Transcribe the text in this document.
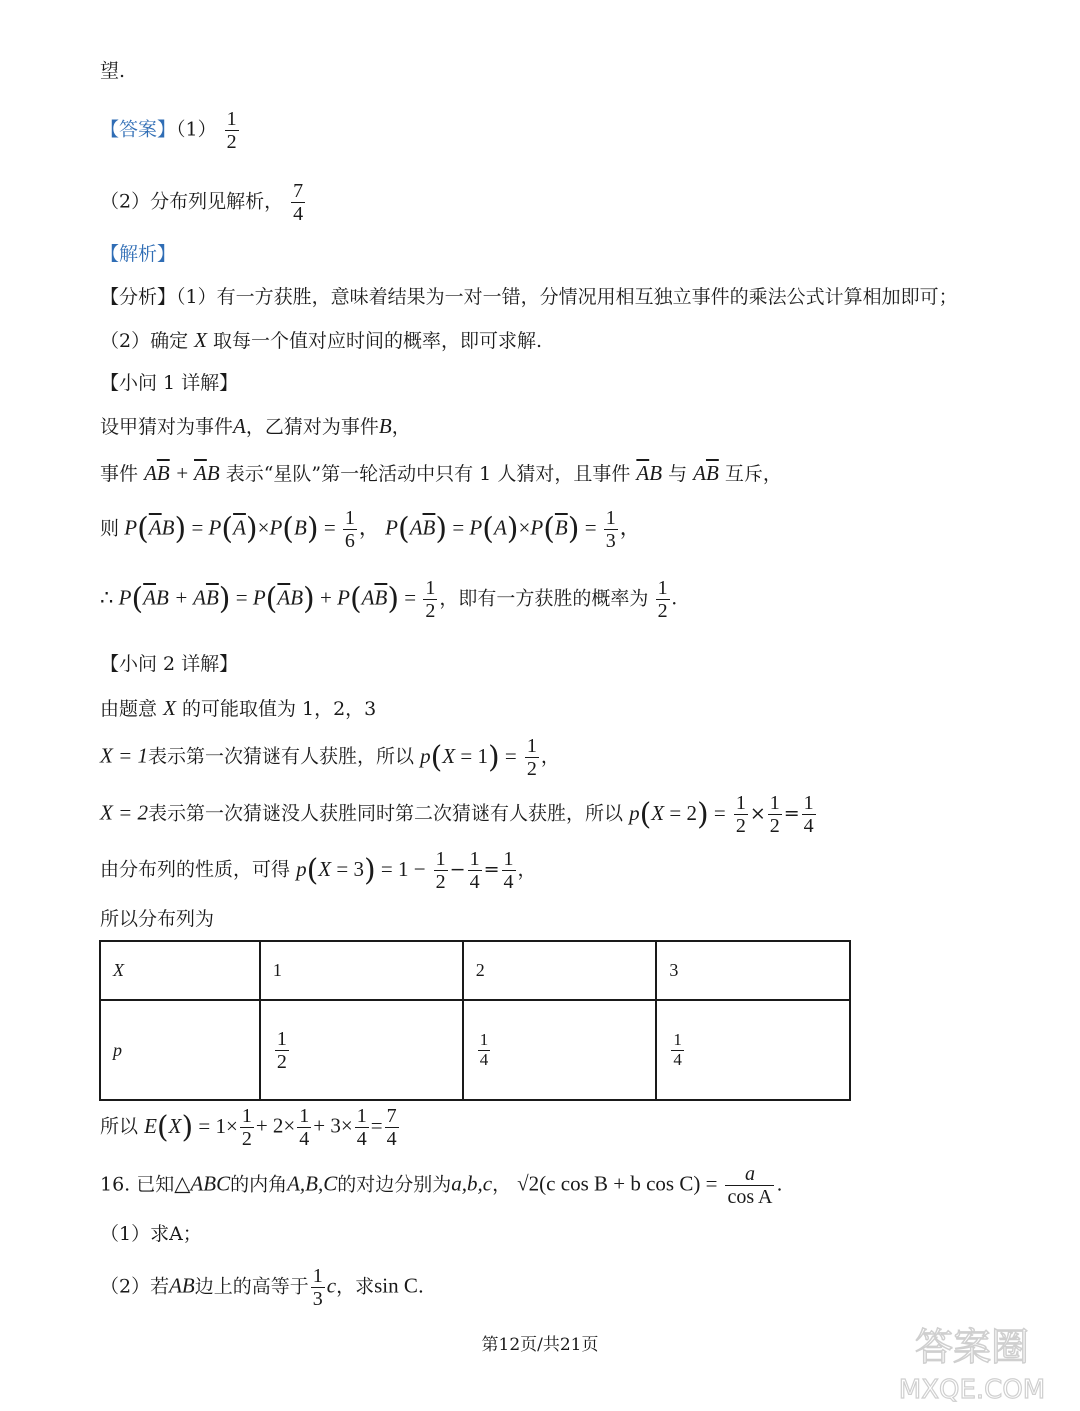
望.
【答案】$(1) \frac{1}{2}$
（2）分布列见解析， $\frac{7}{4}$
【解析】
【分析】（1）有一方获胜，意味着结果为一对一错，分情况用相互独立事件的乘法公式计算相加即可；
（2）确定 X 取每一个值对应时间的概率，即可求解.
【小问 1 详解】
设甲猜对为事件A，乙猜对为事件B，
事件 $A\overline{B} + \overline{A}B$ 表示“星队”第一轮活动中只有 1 人猜对，且事件 $\overline{A}B$ 与 $A\overline{B}$ 互斥，
则 $P(\overline{A}B) = P(\overline{A})\times P(B) = \frac{1}{6}$ ， $P(A\overline{B}) = P(A)\times P(\overline{B}) = \frac{1}{3}$ ，
∴ $P(\overline{A}B + A\overline{B}) = P(\overline{A}B) + P(A\overline{B}) = \frac{1}{2}$ ，即有一方获胜的概率为 $\frac{1}{2}$ .
【小问 2 详解】
由题意 X 的可能取值为 1，2，3
X = 1表示第一次猜谜有人获胜，所以 $p(X = 1) = \frac{1}{2}$ ，
X = 2表示第一次猜谜没人获胜同时第二次猜谜有人获胜，所以 $p(X = 2) = \frac{1}{2} \times \frac{1}{2} = \frac{1}{4}$
由分布列的性质，可得 $p(X = 3) = 1 - \frac{1}{2} - \frac{1}{4} = \frac{1}{4}$ ，
所以分布列为
X	1	2	3
p	$\frac{1}{2}$	$\frac{1}{4}$	$\frac{1}{4}$
所以 $E(X) = 1\times \frac{1}{2} + 2\times \frac{1}{4} + 3\times \frac{1}{4} = \frac{7}{4}$
16. 已知△ABC的内角A,B,C的对边分别为a,b,c， √2(c cos B + b $\cos C) = \frac{a}{\text{cos A}}$ .
（1）求A；
（2）若AB边上的高等于 $\frac{1}{3}$ c，求sin C.
第12页/共21页	答案圈
MXQE.COM
